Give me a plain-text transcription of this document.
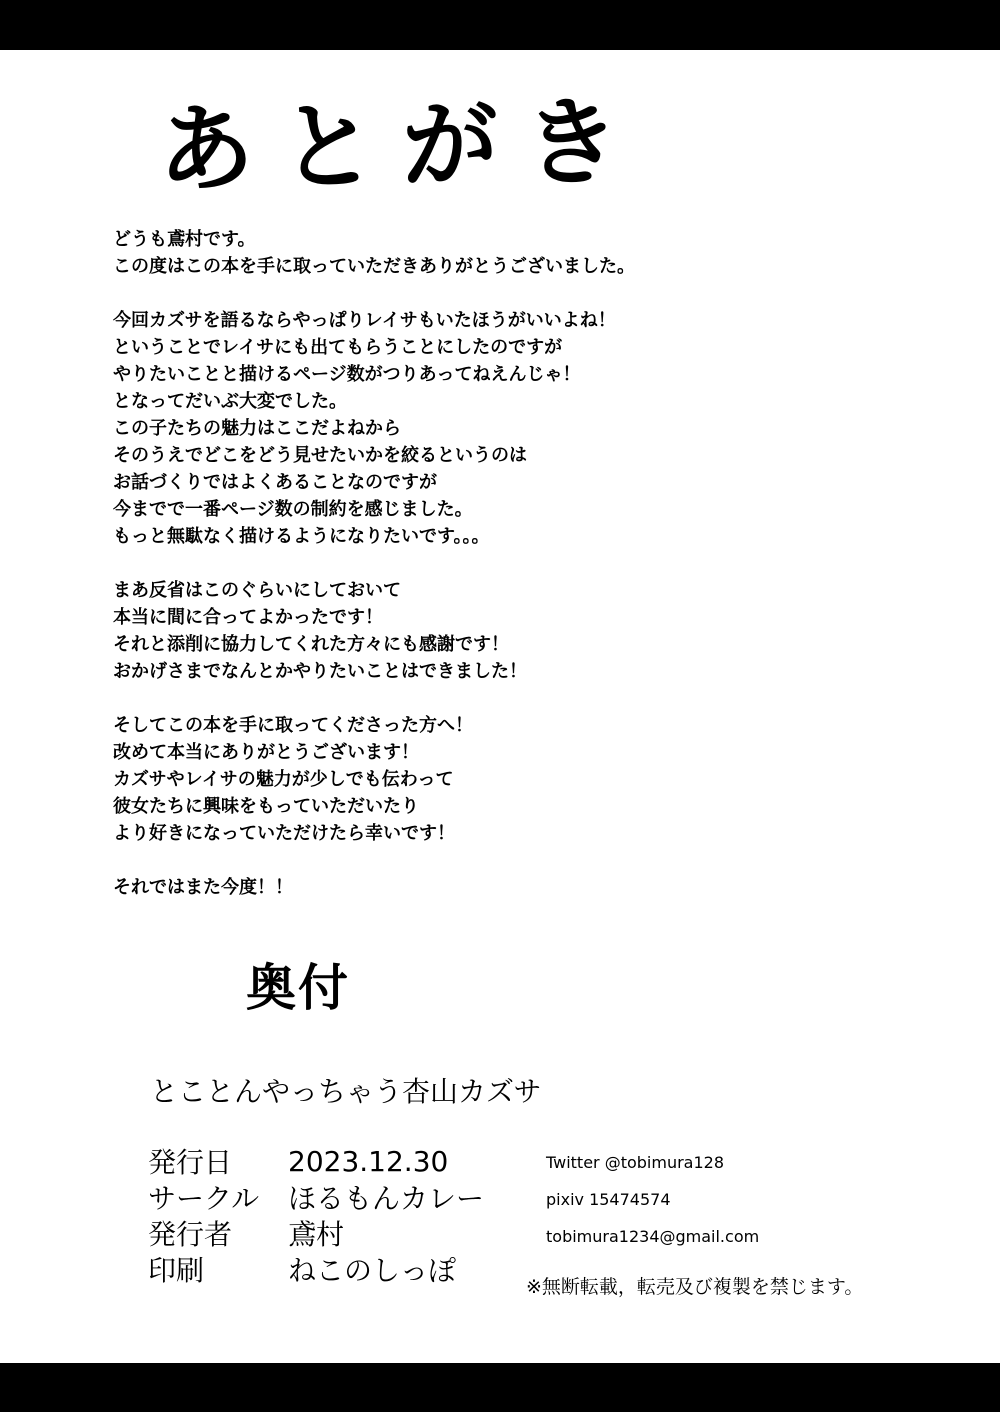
あとがき
どうも鳶村です。
この度はこの本を手に取っていただきありがとうございました。
今回カズサを語るならやっぱりレイサもいたほうがいいよね！
ということでレイサにも出てもらうことにしたのですが
やりたいことと描けるページ数がつりあってねえんじゃ！
となってだいぶ大変でした。
この子たちの魅力はここだよねから
そのうえでどこをどう見せたいかを絞るというのは
お話づくりではよくあることなのですが
今までで一番ページ数の制約を感じました。
もっと無駄なく描けるようになりたいです。。。
まあ反省はこのぐらいにしておいて
本当に間に合ってよかったです！
それと添削に協力してくれた方々にも感謝です！
おかげさまでなんとかやりたいことはできました！
そしてこの本を手に取ってくださった方へ！
改めて本当にありがとうございます！
カズサやレイサの魅力が少しでも伝わって
彼女たちに興味をもっていただいたり
より好きになっていただけたら幸いです！
それではまた今度！！
奥付
とことんやっちゃう杏山カズサ
発行日	2023.12.30
サークル	ほるもんカレー
発行者	鳶村
印刷	ねこのしっぽ
Twitter @tobimura128
pixiv 15474574
tobimura1234@gmail.com
※無断転載，転売及び複製を禁じます。
